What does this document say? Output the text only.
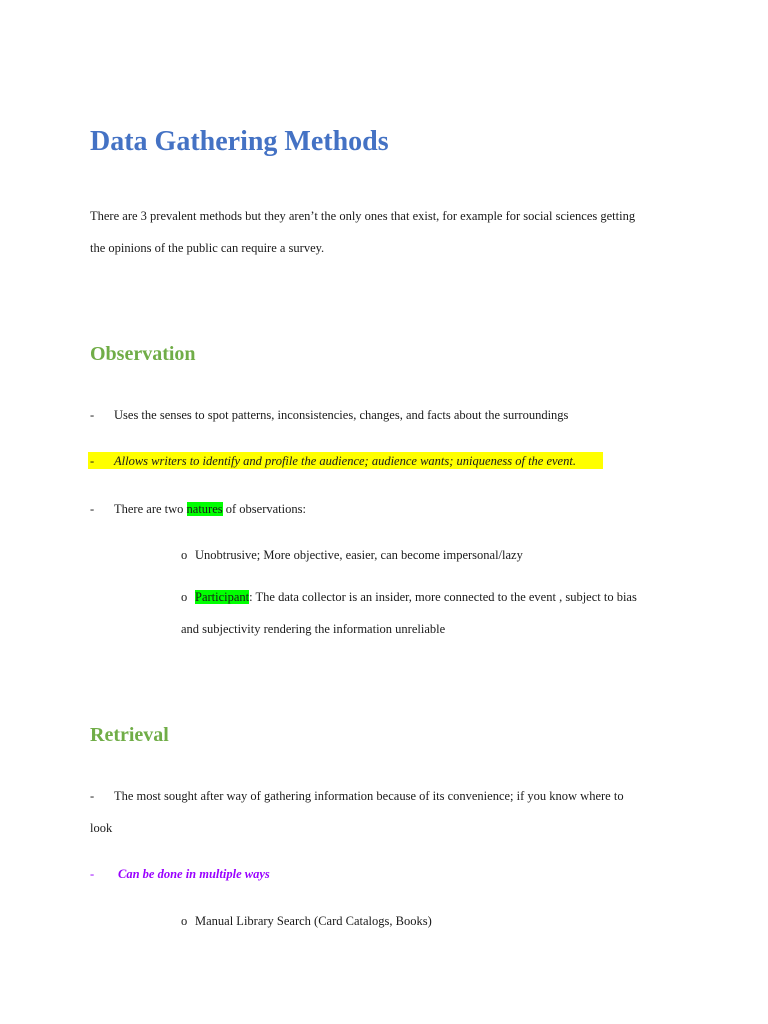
Data Gathering Methods
There are 3 prevalent methods but they aren’t the only ones that exist, for example for social sciences getting
the opinions of the public can require a survey.
Observation
- Uses the senses to spot patterns, inconsistencies, changes, and facts about the surroundings
- Allows writers to identify and profile the audience; audience wants; uniqueness of the event.
- There are two natures of observations:
o Unobtrusive; More objective, easier, can become impersonal/lazy
o Participant: The data collector is an insider, more connected to the event , subject to bias
and subjectivity rendering the information unreliable
Retrieval
- The most sought after way of gathering information because of its convenience; if you know where to
look
- Can be done in multiple ways
o Manual Library Search (Card Catalogs, Books)
